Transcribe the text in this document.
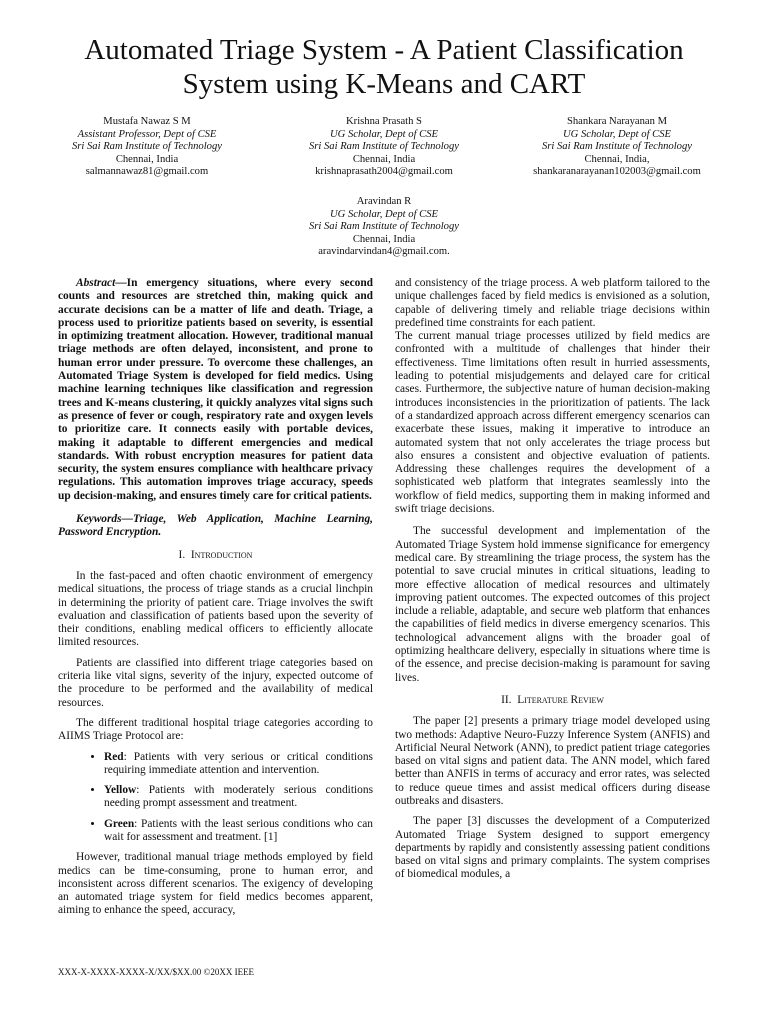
Automated Triage System - A Patient Classification System using K-Means and CART
Mustafa Nawaz S M
Assistant Professor, Dept of CSE
Sri Sai Ram Institute of Technology
Chennai, India
salmannawaz81@gmail.com
Krishna Prasath S
UG Scholar, Dept of CSE
Sri Sai Ram Institute of Technology
Chennai, India
krishnaprasath2004@gmail.com
Shankara Narayanan M
UG Scholar, Dept of CSE
Sri Sai Ram Institute of Technology
Chennai, India,
shankaranarayanan102003@gmail.com
Aravindan R
UG Scholar, Dept of CSE
Sri Sai Ram Institute of Technology
Chennai, India
aravindarvindan4@gmail.com.

Abstract—In emergency situations, where every second counts and resources are stretched thin, making quick and accurate decisions can be a matter of life and death. Triage, a process used to prioritize patients based on severity, is essential in optimizing treatment allocation. However, traditional manual triage methods are often delayed, inconsistent, and prone to human error under pressure. To overcome these challenges, an Automated Triage System is developed for field medics. Using machine learning techniques like classification and regression trees and K-means clustering, it quickly analyzes vital signs such as presence of fever or cough, respiratory rate and oxygen levels to prioritize care. It connects easily with portable devices, making it adaptable to different emergencies and medical standards. With robust encryption measures for patient data security, the system ensures compliance with healthcare privacy regulations. This automation improves triage accuracy, speeds up decision-making, and ensures timely care for critical patients.

Keywords—Triage, Web Application, Machine Learning, Password Encryption.

I. Introduction

In the fast-paced and often chaotic environment of emergency medical situations, the process of triage stands as a crucial linchpin in determining the priority of patient care. Triage involves the swift evaluation and classification of patients based upon the severity of their conditions, enabling medical officers to efficiently allocate limited resources.

Patients are classified into different triage categories based on criteria like vital signs, severity of the injury, expected outcome of the procedure to be performed and the availability of medical resources.

The different traditional hospital triage categories according to AIIMS Triage Protocol are:

• Red: Patients with very serious or critical conditions requiring immediate attention and intervention.
• Yellow: Patients with moderately serious conditions needing prompt assessment and treatment.
• Green: Patients with the least serious conditions who can wait for assessment and treatment. [1]

However, traditional manual triage methods employed by field medics can be time-consuming, prone to human error, and inconsistent across different scenarios. The exigency of developing an automated triage system for field medics becomes apparent, aiming to enhance the speed, accuracy,

and consistency of the triage process. A web platform tailored to the unique challenges faced by field medics is envisioned as a solution, capable of delivering timely and reliable triage decisions within predefined time constraints for each patient.

The current manual triage processes utilized by field medics are confronted with a multitude of challenges that hinder their effectiveness. Time limitations often result in hurried assessments, leading to potential misjudgements and delayed care for critical cases. Furthermore, the subjective nature of human decision-making introduces inconsistencies in the prioritization of patients. The lack of a standardized approach across different emergency scenarios can exacerbate these issues, making it imperative to introduce an automated system that not only accelerates the triage process but also ensures a consistent and objective evaluation of patients. Addressing these challenges requires the development of a sophisticated web platform that integrates seamlessly into the workflow of field medics, supporting them in making informed and swift triage decisions.

The successful development and implementation of the Automated Triage System hold immense significance for emergency medical care. By streamlining the triage process, the system has the potential to save crucial minutes in critical situations, leading to more effective allocation of medical resources and ultimately improving patient outcomes. The expected outcomes of this project include a reliable, adaptable, and secure web platform that enhances the capabilities of field medics in diverse emergency scenarios. This technological advancement aligns with the broader goal of optimizing healthcare delivery, especially in situations where time is of the essence, and precise decision-making is paramount for saving lives.

II. Literature Review

The paper [2] presents a primary triage model developed using two methods: Adaptive Neuro-Fuzzy Inference System (ANFIS) and Artificial Neural Network (ANN), to predict patient triage categories based on vital signs and patient data. The ANN model, which fared better than ANFIS in terms of accuracy and error rates, was selected to reduce queue times and assist medical officers during disease outbreaks and disasters.

The paper [3] discusses the development of a Computerized Automated Triage System designed to support emergency departments by rapidly and consistently assessing patient conditions based on vital signs and primary complaints. The system comprises of biomedical modules, a

XXX-X-XXXX-XXXX-X/XX/$XX.00 ©20XX IEEE
